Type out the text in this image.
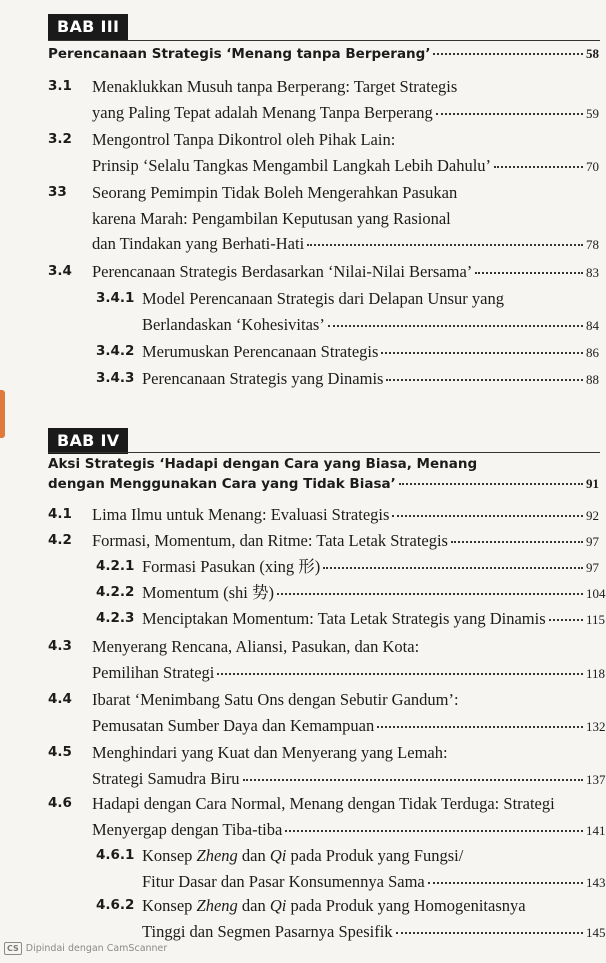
BAB III
Perencanaan Strategis ‘Menang tanpa Berperang’	58
3.1 Menaklukkan Musuh tanpa Berperang: Target Strategis
yang Paling Tepat adalah Menang Tanpa Berperang	59
3.2 Mengontrol Tanpa Dikontrol oleh Pihak Lain:
Prinsip ‘Selalu Tangkas Mengambil Langkah Lebih Dahulu’	70
33 Seorang Pemimpin Tidak Boleh Mengerahkan Pasukan
karena Marah: Pengambilan Keputusan yang Rasional
dan Tindakan yang Berhati-Hati	78
3.4 Perencanaan Strategis Berdasarkan ‘Nilai-Nilai Bersama’	83
3.4.1 Model Perencanaan Strategis dari Delapan Unsur yang
Berlandaskan ‘Kohesivitas’	84
3.4.2 Merumuskan Perencanaan Strategis	86
3.4.3 Perencanaan Strategis yang Dinamis	88
BAB IV
Aksi Strategis ‘Hadapi dengan Cara yang Biasa, Menang
dengan Menggunakan Cara yang Tidak Biasa’	91
4.1 Lima Ilmu untuk Menang: Evaluasi Strategis	92
4.2 Formasi, Momentum, dan Ritme: Tata Letak Strategis	97
4.2.1 Formasi Pasukan (xing 形)	97
4.2.2 Momentum (shi 势)	104
4.2.3 Menciptakan Momentum: Tata Letak Strategis yang Dinamis	115
4.3 Menyerang Rencana, Aliansi, Pasukan, dan Kota:
Pemilihan Strategi	118
4.4 Ibarat ‘Menimbang Satu Ons dengan Sebutir Gandum’:
Pemusatan Sumber Daya dan Kemampuan	132
4.5 Menghindari yang Kuat dan Menyerang yang Lemah:
Strategi Samudra Biru	137
4.6 Hadapi dengan Cara Normal, Menang dengan Tidak Terduga: Strategi
Menyergap dengan Tiba-tiba	141
4.6.1 Konsep Zheng dan Qi pada Produk yang Fungsi/
Fitur Dasar dan Pasar Konsumennya Sama	143
4.6.2 Konsep Zheng dan Qi pada Produk yang Homogenitasnya
Tinggi dan Segmen Pasarnya Spesifik	145
CS Dipindai dengan CamScanner
